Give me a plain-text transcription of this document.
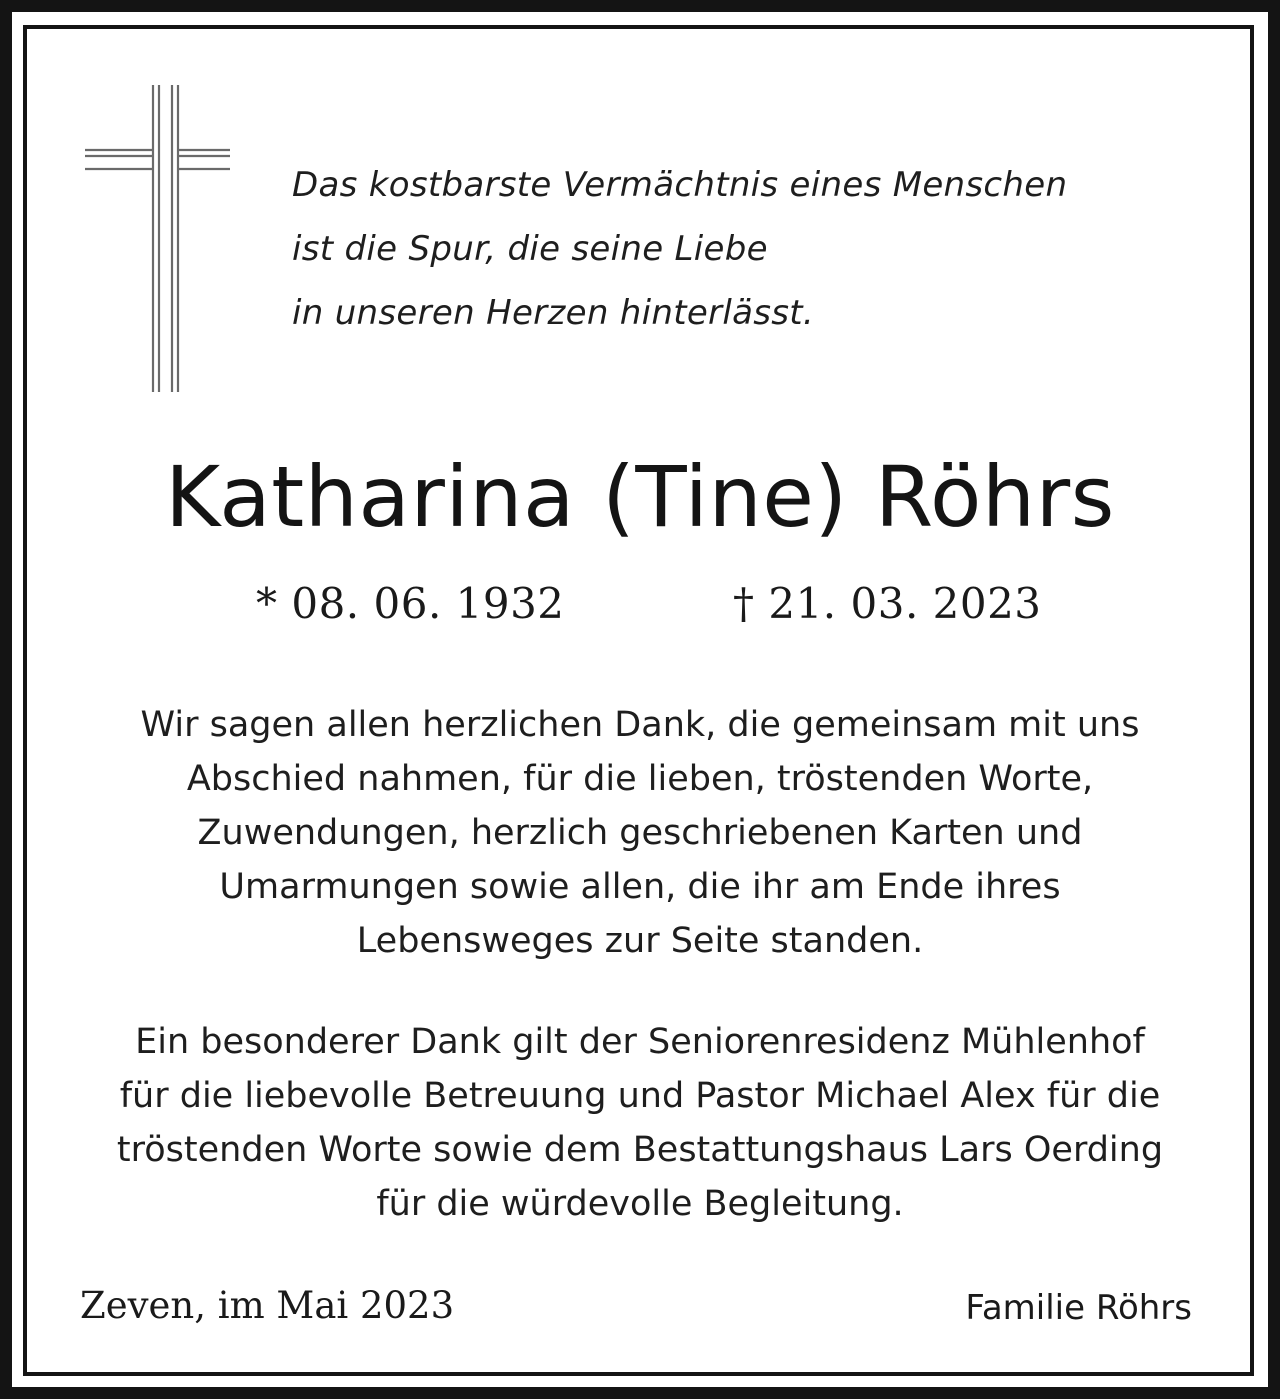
Das kostbarste Vermächtnis eines Menschen
ist die Spur, die seine Liebe
in unseren Herzen hinterlässt.
Katharina (Tine) Röhrs
* 08. 06. 1932	† 21. 03. 2023
Wir sagen allen herzlichen Dank, die gemeinsam mit uns
Abschied nahmen, für die lieben, tröstenden Worte,
Zuwendungen, herzlich geschriebenen Karten und
Umarmungen sowie allen, die ihr am Ende ihres
Lebensweges zur Seite standen.
Ein besonderer Dank gilt der Seniorenresidenz Mühlenhof
für die liebevolle Betreuung und Pastor Michael Alex für die
tröstenden Worte sowie dem Bestattungshaus Lars Oerding
für die würdevolle Begleitung.
Zeven, im Mai 2023	Familie Röhrs
